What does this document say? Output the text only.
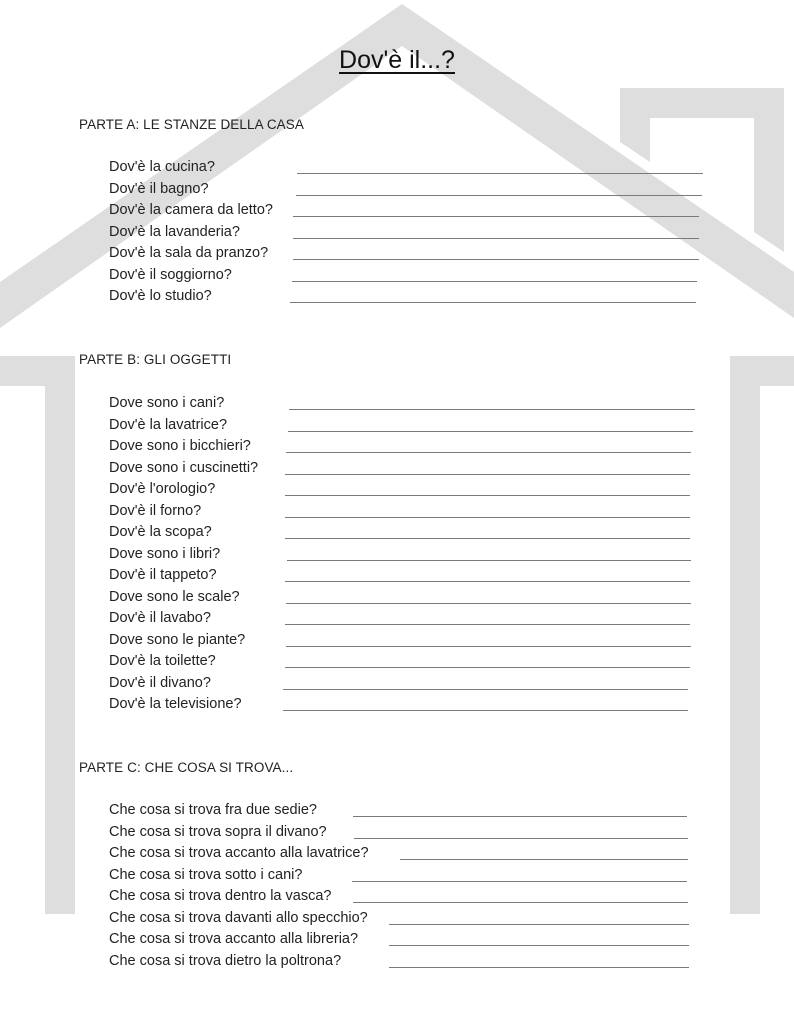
Dov'è il...?
PARTE A: LE STANZE DELLA CASA
Dov'è la cucina?
Dov'è il bagno?
Dov'è la camera da letto?
Dov'è la lavanderia?
Dov'è la sala da pranzo?
Dov'è il soggiorno?
Dov'è lo studio?
PARTE B: GLI OGGETTI
Dove sono i cani?
Dov'è la lavatrice?
Dove sono i bicchieri?
Dove sono i cuscinetti?
Dov'è l'orologio?
Dov'è il forno?
Dov'è la scopa?
Dove sono i libri?
Dov'è il tappeto?
Dove sono le scale?
Dov'è il lavabo?
Dove sono le piante?
Dov'è la toilette?
Dov'è il divano?
Dov'è la televisione?
PARTE C: CHE COSA SI TROVA...
Che cosa si trova fra due sedie?
Che cosa si trova sopra il divano?
Che cosa si trova accanto alla lavatrice?
Che cosa si trova sotto i cani?
Che cosa si trova dentro la vasca?
Che cosa si trova davanti allo specchio?
Che cosa si trova accanto alla libreria?
Che cosa si trova dietro la poltrona?
